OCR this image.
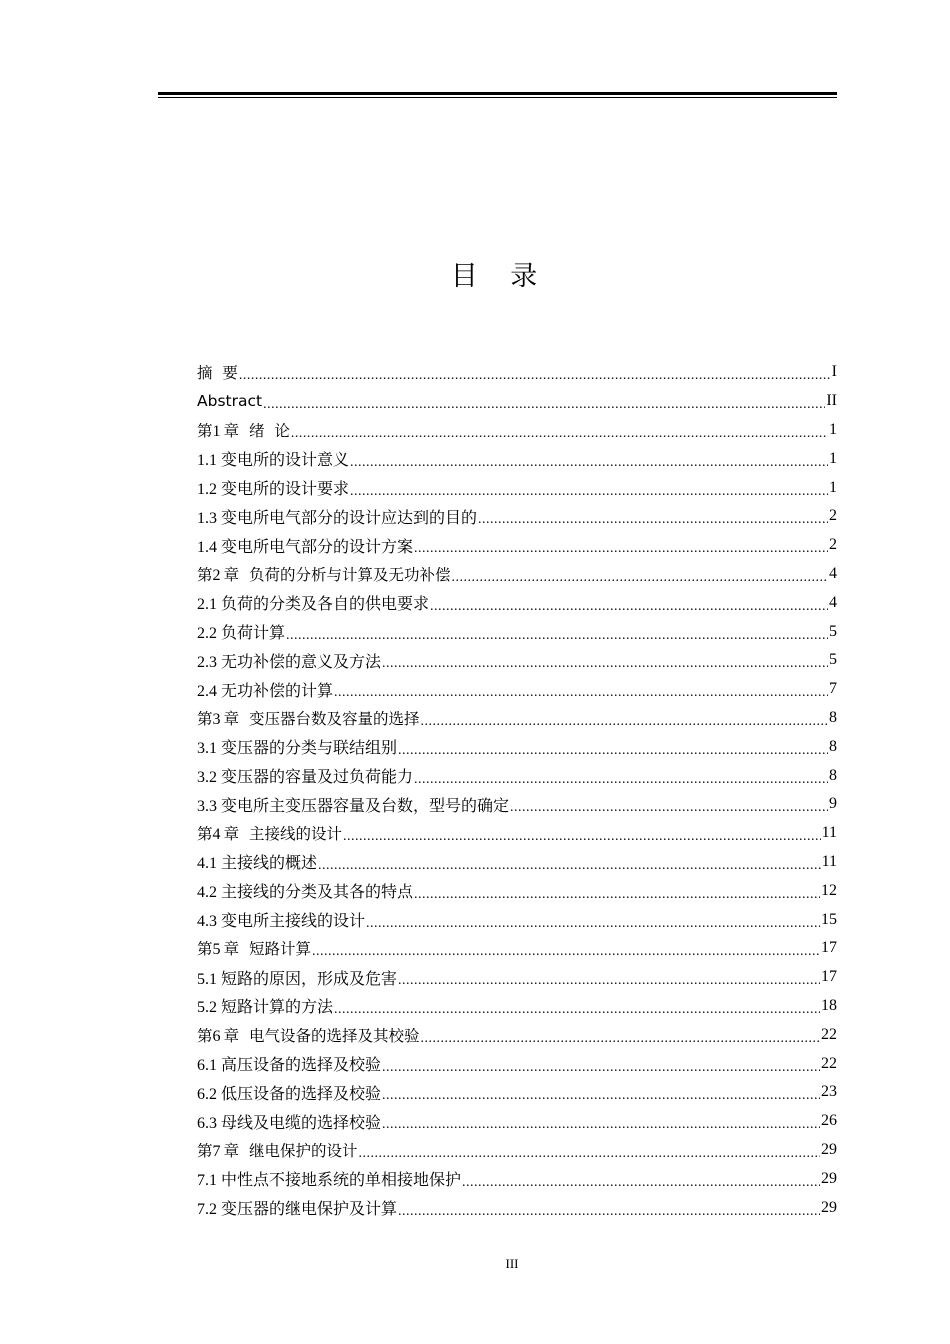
目 录
摘  要 .....	I
Abstract .....	II
第1  章  绪  论 .....	1
1.1 变电所的设计意义 .....	1
1.2 变电所的设计要求 .....	1
1.3 变电所电气部分的设计应达到的目的 .....	2
1.4 变电所电气部分的设计方案 .....	2
第2  章  负荷的分析与计算及无功补偿 .....	4
2.1 负荷的分类及各自的供电要求 .....	4
2.2 负荷计算 .....	5
2.3 无功补偿的意义及方法 .....	5
2.4 无功补偿的计算 .....	7
第3  章  变压器台数及容量的选择 .....	8
3.1 变压器的分类与联结组别 .....	8
3.2 变压器的容量及过负荷能力 .....	8
3.3 变电所主变压器容量及台数，型号的确定 .....	9
第4  章  主接线的设计 .....	11
4.1 主接线的概述 .....	11
4.2 主接线的分类及其各的特点 .....	12
4.3 变电所主接线的设计 .....	15
第5  章  短路计算 .....	17
5.1 短路的原因，形成及危害 .....	17
5.2 短路计算的方法 .....	18
第6  章  电气设备的选择及其校验 .....	22
6.1 高压设备的选择及校验 .....	22
6.2 低压设备的选择及校验 .....	23
6.3 母线及电缆的选择校验 .....	26
第7  章  继电保护的设计 .....	29
7.1 中性点不接地系统的单相接地保护 .....	29
7.2 变压器的继电保护及计算 .....	29
III
